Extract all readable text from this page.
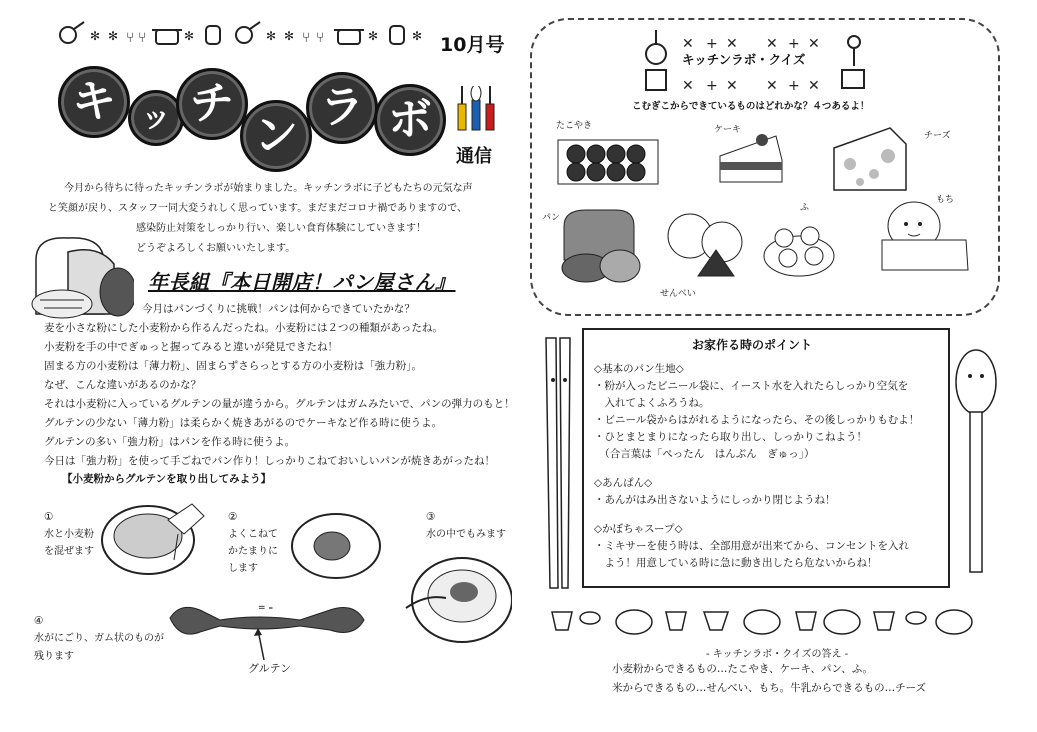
✻ ✻ ⑂ ⑂	✻	✻ ✻ ⑂ ⑂	✻	✻ 10月号
キ ッ チ
ン
ラ ボ
通信
今月から待ちに待ったキッチンラボが始まりました。キッチンラボに子どもたちの元気な声
と笑顔が戻り、スタッフ一同大変うれしく思っています。まだまだコロナ禍でありますので、
感染防止対策をしっかり行い、楽しい食育体験にしていきます！
どうぞよろしくお願いいたします。
年長組『本日開店！パン屋さん』
今月はパンづくりに挑戦！パンは何からできていたかな？
麦を小さな粉にした小麦粉から作るんだったね。小麦粉には２つの種類があったね。
小麦粉を手の中でぎゅっと握ってみると違いが発見できたね！
固まる方の小麦粉は「薄力粉」、固まらずさらっとする方の小麦粉は「強力粉」。
なぜ、こんな違いがあるのかな？
それは小麦粉に入っているグルテンの量が違うから。グルテンはガムみたいで、パンの弾力のもと！
グルテンの少ない「薄力粉」は柔らかく焼きあがるのでケーキなど作る時に使うよ。
グルテンの多い「強力粉」はパンを作る時に使うよ。
今日は「強力粉」を使って手ごねでパン作り！しっかりこねておいしいパンが焼きあがったね！
【小麦粉からグルテンを取り出してみよう】
①
水と小麦粉
を混ぜます
②
よくこねて
かたまりに
します
③
水の中でもみます
④
水がにごり、ガム状のものが
残ります
= ₌
グルテン
✕ + ✕ ✕ + ✕
✕ + ✕ ✕ + ✕
キッチンラボ・クイズ
こむぎこからできているものはどれかな？４つあるよ！
たこやき	ケーキ
チーズ
パン
せんべい
ふ
もち
お家作る時のポイント
◇基本のパン生地◇
・粉が入ったビニール袋に、イースト水を入れたらしっかり空気を
　入れてよくふろうね。
・ビニール袋からはがれるようになったら、その後しっかりもむよ！
・ひとまとまりになったら取り出し、しっかりこねよう！
　（合言葉は「ぺったん　はんぶん　ぎゅっ」）
◇あんぱん◇
・あんがはみ出さないようにしっかり閉じようね！
◇かぼちゃスープ◇
・ミキサーを使う時は、全部用意が出来てから、コンセントを入れ
　よう！用意している時に急に動き出したら危ないからね！
- キッチンラボ・クイズの答え -
小麦粉からできるもの…たこやき、ケーキ、パン、ふ。
米からできるもの…せんべい、もち。牛乳からできるもの…チーズ
